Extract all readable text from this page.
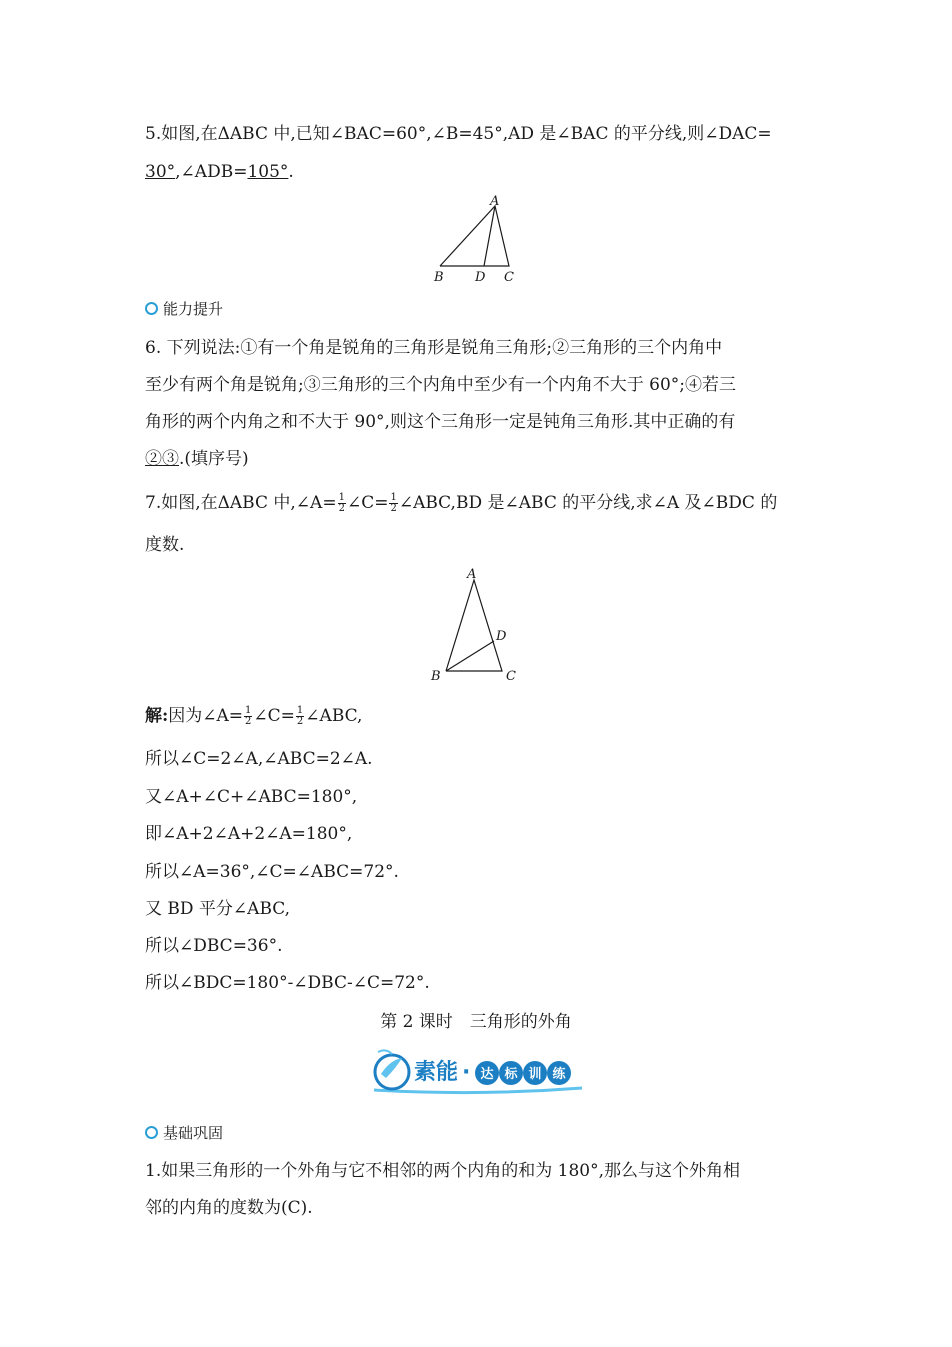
5.如图,在ΔABC 中,已知∠BAC=60°,∠B=45°,AD 是∠BAC 的平分线,则∠DAC=
30°,∠ADB=105°.
A
B D C
能力提升
6. 下列说法:①有一个角是锐角的三角形是锐角三角形;②三角形的三个内角中
至少有两个角是锐角;③三角形的三个内角中至少有一个内角不大于 60°;④若三
角形的两个内角之和不大于 90°,则这个三角形一定是钝角三角形.其中正确的有
②③.(填序号)
7.如图,在ΔABC 中,∠A= $\frac{1}{2}$ ∠C= $\frac{1}{2}$ ∠ABC,BD 是∠ABC 的平分线,求∠A 及∠BDC 的
度数.
A
D
B	C
解:因为∠A= $\frac{1}{2}$ ∠C= $\frac{1}{2}$ ∠ABC,
所以∠C=2∠A,∠ABC=2∠A.
又∠A+∠C+∠ABC=180°,
即∠A+2∠A+2∠A=180°,
所以∠A=36°,∠C=∠ABC=72°.
又 BD 平分∠ABC,
所以∠DBC=36°.
所以∠BDC=180°-∠DBC-∠C=72°.
第 2 课时　三角形的外角
素能 · 达 标 训 练
基础巩固
1.如果三角形的一个外角与它不相邻的两个内角的和为 180°,那么与这个外角相
邻的内角的度数为(C).
